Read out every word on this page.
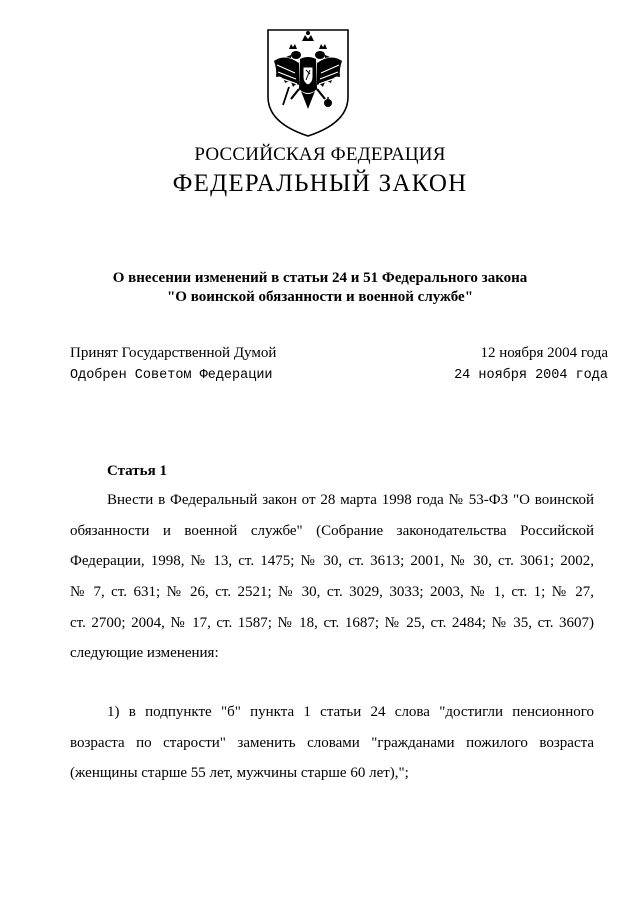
РОССИЙСКАЯ ФЕДЕРАЦИЯ
ФЕДЕРАЛЬНЫЙ ЗАКОН
О внесении изменений в статьи 24 и 51 Федерального закона
"О воинской обязанности и военной службе"
Принят Государственной Думой	12 ноября 2004 года
Одобрен Советом Федерации	24 ноября 2004 года
Статья 1
Внести в Федеральный закон от 28 марта 1998 года № 53-ФЗ "О воинской
обязанности и военной службе" (Собрание законодательства Российской
Федерации, 1998, № 13, ст. 1475; № 30, ст. 3613; 2001, № 30, ст. 3061; 2002,
№ 7, ст. 631; № 26, ст. 2521; № 30, ст. 3029, 3033; 2003, № 1, ст. 1; № 27,
ст. 2700; 2004, № 17, ст. 1587; № 18, ст. 1687; № 25, ст. 2484; № 35, ст. 3607)
следующие изменения:
1) в подпункте "б" пункта 1 статьи 24 слова "достигли пенсионного
возраста по старости" заменить словами "гражданами пожилого возраста
(женщины старше 55 лет, мужчины старше 60 лет),";
